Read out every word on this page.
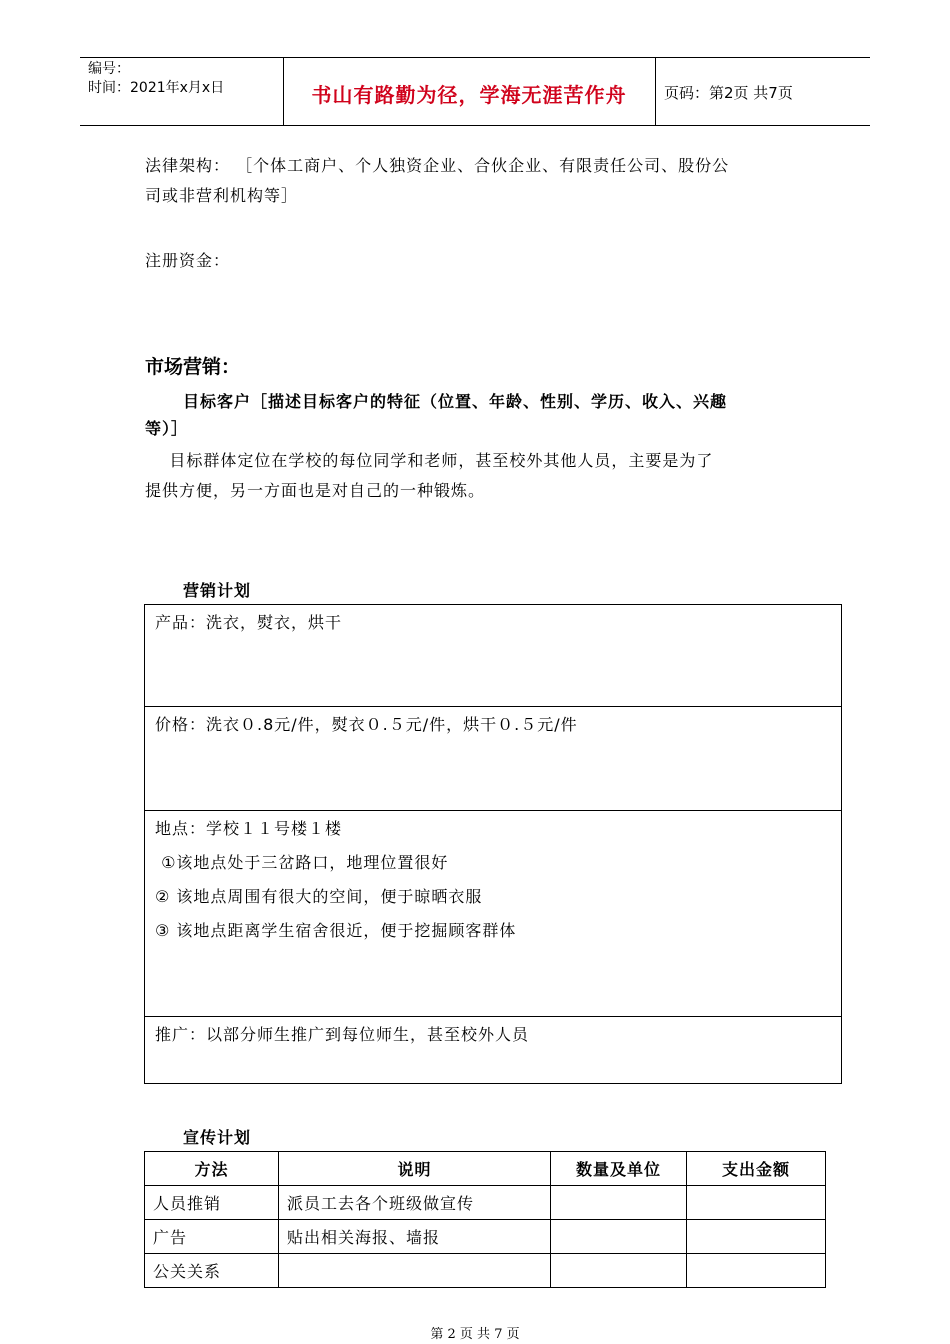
编号：
时间：2021年x月x日	书山有路勤为径，学海无涯苦作舟	页码：第2页 共7页
法律架构： ［个体工商户、个人独资企业、合伙企业、有限责任公司、股份公
司或非营利机构等］
注册资金：
市场营销：
目标客户［描述目标客户的特征（位置、年龄、性别、学历、收入、兴趣
等）］
目标群体定位在学校的每位同学和老师，甚至校外其他人员，主要是为了
提供方便，另一方面也是对自己的一种锻炼。
营销计划
产品：洗衣，熨衣，烘干
价格：洗衣０.8元/件，熨衣０.５元/件，烘干０.５元/件
地点：学校１１号楼１楼
①该地点处于三岔路口，地理位置很好
② 该地点周围有很大的空间，便于晾晒衣服
③ 该地点距离学生宿舍很近，便于挖掘顾客群体
推广：以部分师生推广到每位师生，甚至校外人员
宣传计划
方法	说明	数量及单位	支出金额
人员推销	派员工去各个班级做宣传		
广告	贴出相关海报、墙报		
公关关系			
第 2 页 共 7 页
